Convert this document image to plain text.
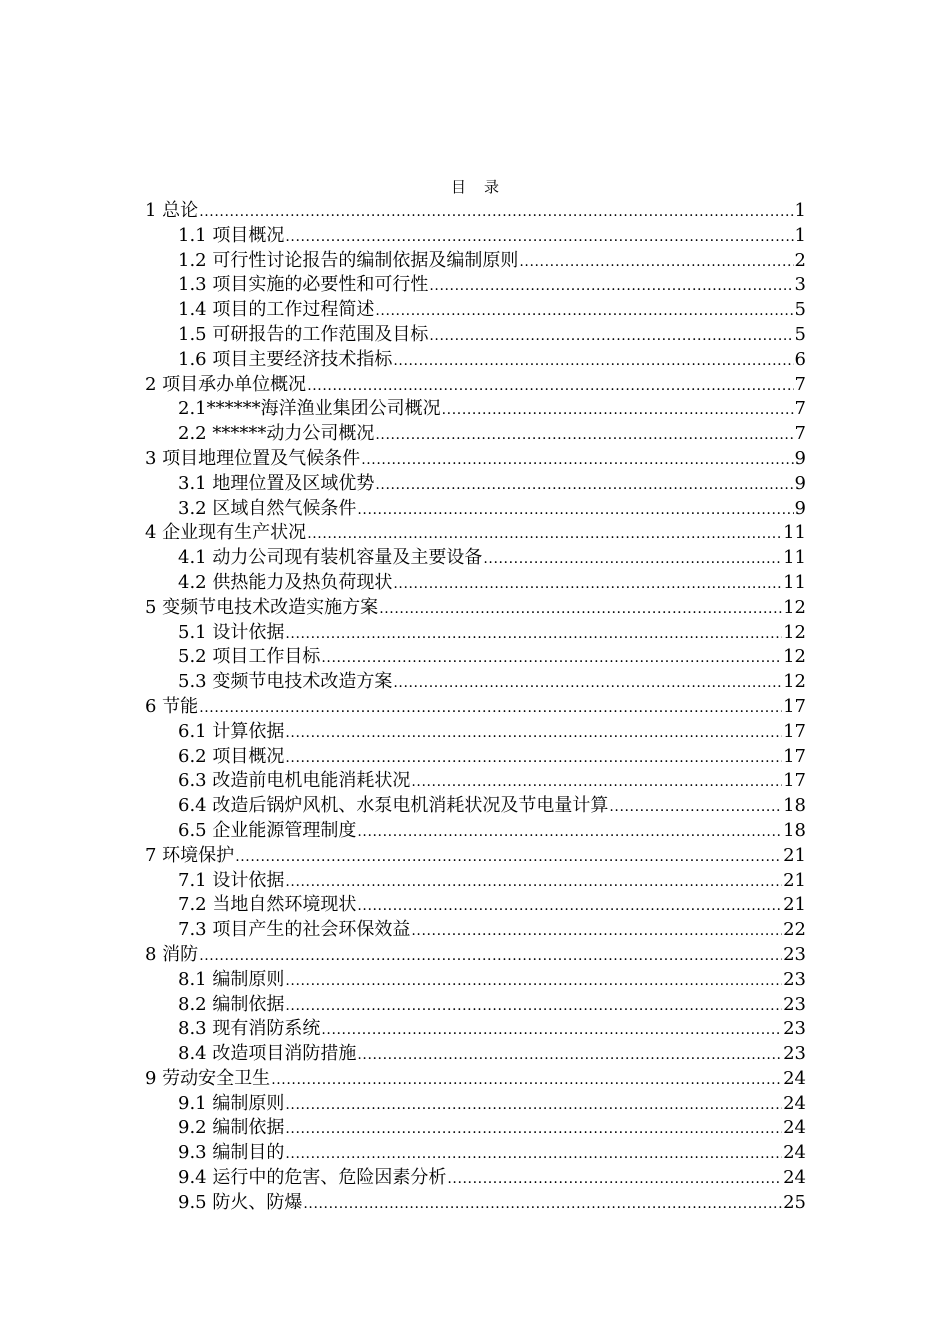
目录
1 总论 .....	1
1.1 项目概况 .....	1
1.2 可行性讨论报告的编制依据及编制原则 .....	2
1.3 项目实施的必要性和可行性 .....	3
1.4 项目的工作过程简述 .....	5
1.5 可研报告的工作范围及目标 .....	5
1.6 项目主要经济技术指标 .....	6
2 项目承办单位概况 .....	7
2.1******海洋渔业集团公司概况 .....	7
2.2 ******动力公司概况 .....	7
3 项目地理位置及气候条件 .....	9
3.1 地理位置及区域优势 .....	9
3.2 区域自然气候条件 .....	9
4 企业现有生产状况 .....	11
4.1 动力公司现有装机容量及主要设备 .....	11
4.2 供热能力及热负荷现状 .....	11
5 变频节电技术改造实施方案 .....	12
5.1 设计依据 .....	12
5.2 项目工作目标 .....	12
5.3 变频节电技术改造方案 .....	12
6 节能 .....	17
6.1 计算依据 .....	17
6.2 项目概况 .....	17
6.3 改造前电机电能消耗状况 .....	17
6.4 改造后锅炉风机、水泵电机消耗状况及节电量计算 .....	18
6.5 企业能源管理制度 .....	18
7 环境保护 .....	21
7.1 设计依据 .....	21
7.2 当地自然环境现状 .....	21
7.3 项目产生的社会环保效益 .....	22
8 消防 .....	23
8.1 编制原则 .....	23
8.2 编制依据 .....	23
8.3 现有消防系统 .....	23
8.4 改造项目消防措施 .....	23
9 劳动安全卫生 .....	24
9.1 编制原则 .....	24
9.2 编制依据 .....	24
9.3 编制目的 .....	24
9.4 运行中的危害、危险因素分析 .....	24
9.5 防火、防爆 .....	25
